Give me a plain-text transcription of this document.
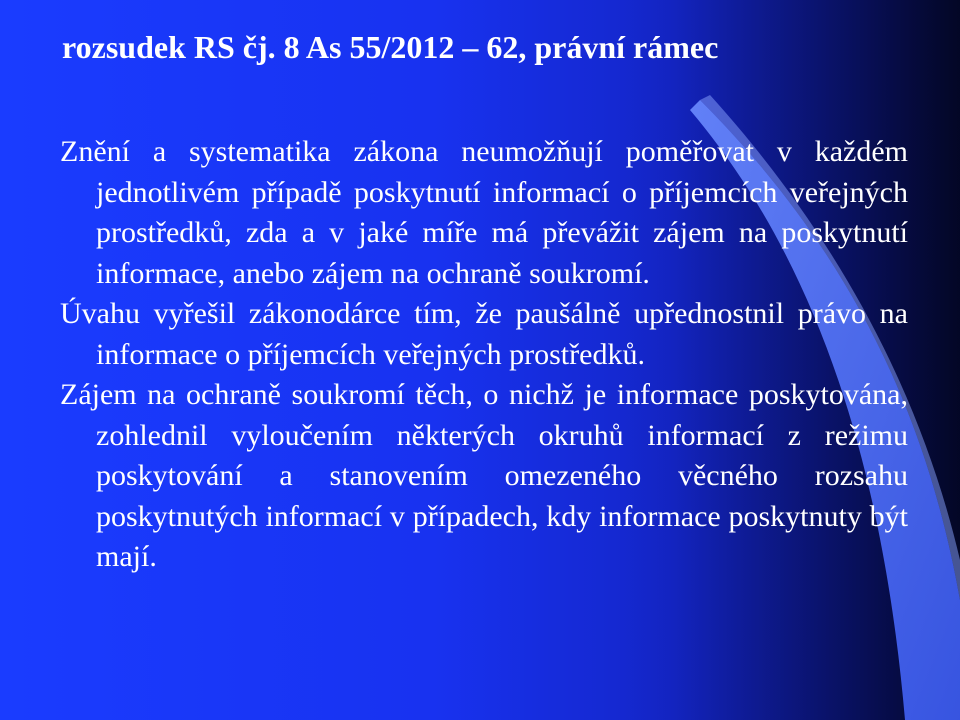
rozsudek RS čj. 8 As 55/2012 – 62, právní rámec

Znění a systematika zákona neumožňují poměřovat v každém jednotlivém případě poskytnutí informací o příjemcích veřejných prostředků, zda a v jaké míře má převážit zájem na poskytnutí informace, anebo zájem na ochraně soukromí.

Úvahu vyřešil zákonodárce tím, že paušálně upřednostnil právo na informace o příjemcích veřejných prostředků.

Zájem na ochraně soukromí těch, o nichž je informace poskytována, zohlednil vyloučením některých okruhů informací z režimu poskytování a stanovením omezeného věcného rozsahu poskytnutých informací v případech, kdy informace poskytnuty být mají.
